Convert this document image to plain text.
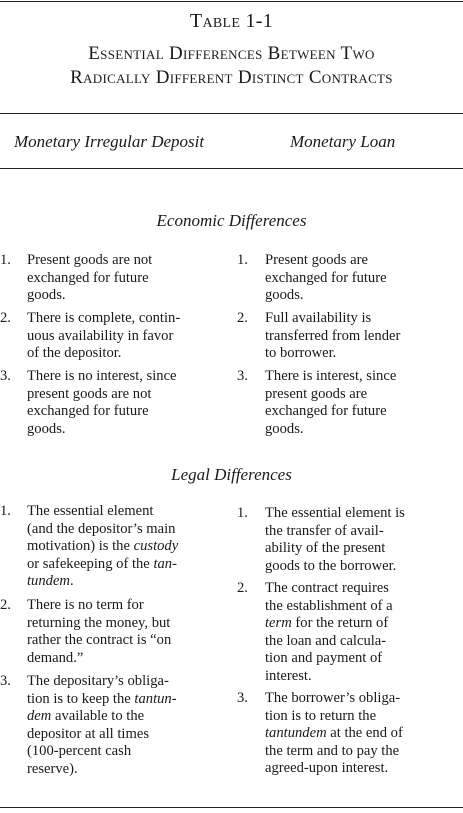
Table 1-1
Essential Differences Between Two
Radically Different Distinct Contracts
Monetary Irregular Deposit	Monetary Loan
Economic Differences
Legal Differences
1. Present goods are not
exchanged for future
goods.
2. There is complete, contin-
uous availability in favor
of the depositor.
3. There is no interest, since
present goods are not
exchanged for future
goods.
1. Present goods are
exchanged for future
goods.
2. Full availability is
transferred from lender
to borrower.
3. There is interest, since
present goods are
exchanged for future
goods.
1. The essential element
(and the depositor’s main
motivation) is the custody
or safekeeping of the tan-
tundem.
2. There is no term for
returning the money, but
rather the contract is “on
demand.”
3. The depositary’s obliga-
tion is to keep the tantun-
dem available to the
depositor at all times
(100-percent cash
reserve).
1. The essential element is
the transfer of avail-
ability of the present
goods to the borrower.
2. The contract requires
the establishment of a
term for the return of
the loan and calcula-
tion and payment of
interest.
3. The borrower’s obliga-
tion is to return the
tantundem at the end of
the term and to pay the
agreed-upon interest.
